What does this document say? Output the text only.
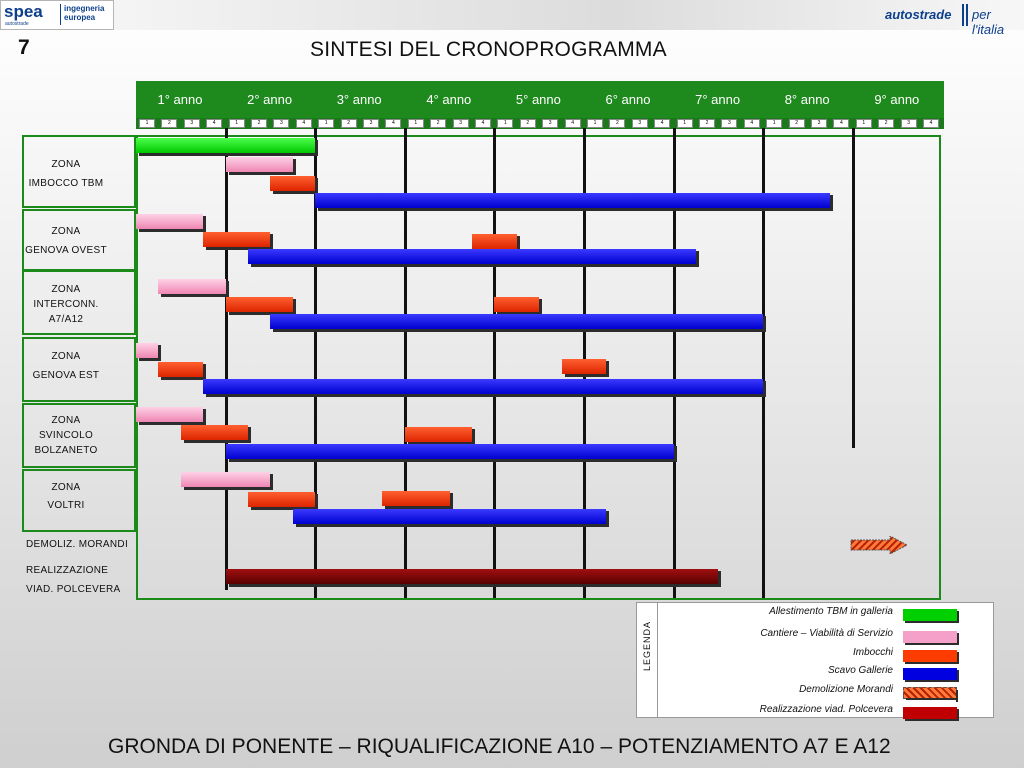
spea
autostrade
ingegneria europea	autostrade per l'italia
7	SINTESI DEL CRONOPROGRAMMA
1° anno	2° anno	3° anno	4° anno	5° anno	6° anno	7° anno	8° anno	9° anno
1	2	3	4	1	2	3	4	1	2	3	4	1	2	3	4	1	2	3	4	1	2	3	4	1	2	3	4	1	2	3	4	1	2	3	4
ZONA
IMBOCCO TBM
ZONA
GENOVA OVEST
ZONA
INTERCONN.
A7/A12
ZONA
GENOVA EST
ZONA
SVINCOLO
BOLZANETO
ZONA
VOLTRI
DEMOLIZ. MORANDI
REALIZZAZIONE
VIAD. POLCEVERA
LEGENDA
Allestimento TBM in galleria
Cantiere – Viabilità di Servizio
Imbocchi
Scavo Gallerie
Demolizione Morandi
Realizzazione viad. Polcevera
GRONDA DI PONENTE – RIQUALIFICAZIONE A10 – POTENZIAMENTO A7 E A12
